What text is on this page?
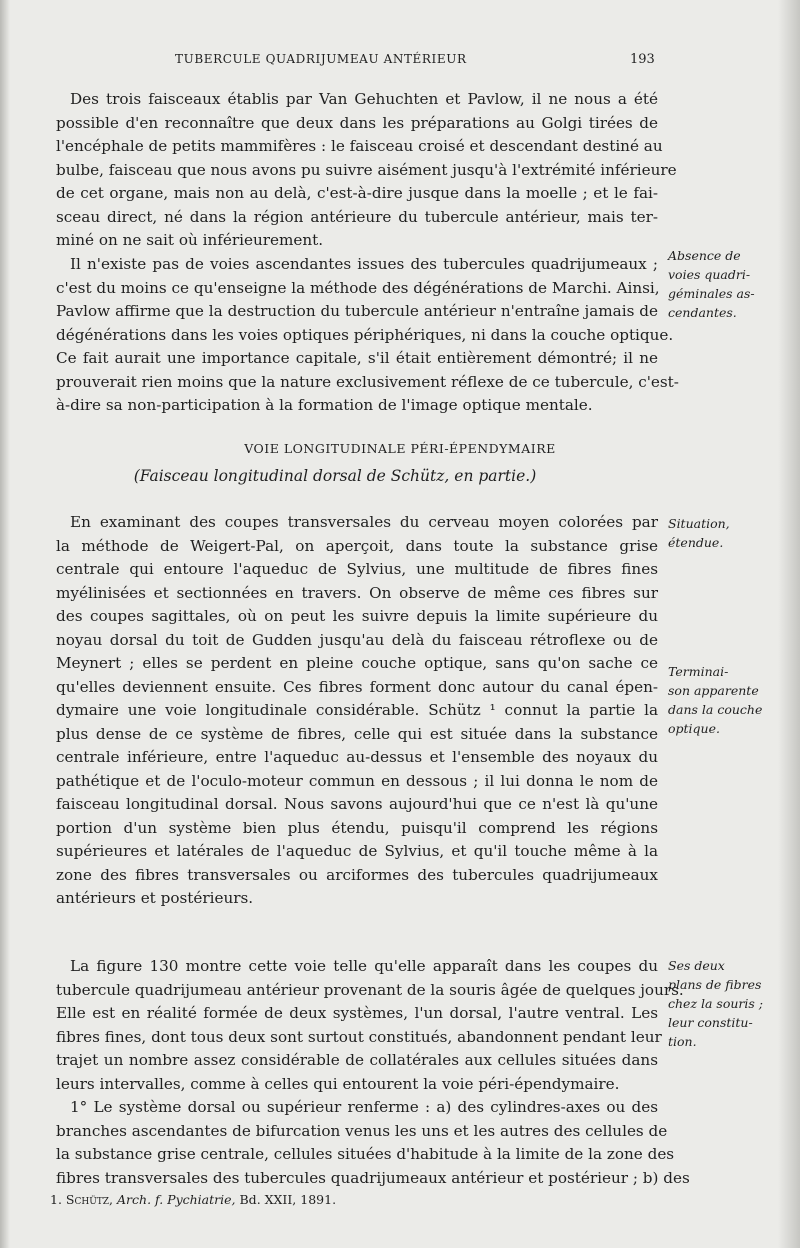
TUBERCULE QUADRIJUMEAU ANTÉRIEUR	193
Des trois faisceaux établis par Van Gehuchten et Pavlow, il ne nous a été
possible d'en reconnaître que deux dans les préparations au Golgi tirées de
l'encéphale de petits mammifères : le faisceau croisé et descendant destiné au
bulbe, faisceau que nous avons pu suivre aisément jusqu'à l'extrémité inférieure
de cet organe, mais non au delà, c'est-à-dire jusque dans la moelle ; et le fai-
sceau direct, né dans la région antérieure du tubercule antérieur, mais ter-
miné on ne sait où inférieurement.
Il n'existe pas de voies ascendantes issues des tubercules quadrijumeaux ;
c'est du moins ce qu'enseigne la méthode des dégénérations de Marchi. Ainsi,
Pavlow affirme que la destruction du tubercule antérieur n'entraîne jamais de
dégénérations dans les voies optiques périphériques, ni dans la couche optique.
Ce fait aurait une importance capitale, s'il était entièrement démontré; il ne
prouverait rien moins que la nature exclusivement réflexe de ce tubercule, c'est-
à-dire sa non-participation à la formation de l'image optique mentale.
VOIE LONGITUDINALE PÉRI-ÉPENDYMAIRE
(Faisceau longitudinal dorsal de Schütz, en partie.)
En examinant des coupes transversales du cerveau moyen colorées par
la méthode de Weigert-Pal, on aperçoit, dans toute la substance grise
centrale qui entoure l'aqueduc de Sylvius, une multitude de fibres fines
myélinisées et sectionnées en travers. On observe de même ces fibres sur
des coupes sagittales, où on peut les suivre depuis la limite supérieure du
noyau dorsal du toit de Gudden jusqu'au delà du faisceau rétroflexe ou de
Meynert ; elles se perdent en pleine couche optique, sans qu'on sache ce
qu'elles deviennent ensuite. Ces fibres forment donc autour du canal épen-
dymaire une voie longitudinale considérable. Schütz ¹ connut la partie la
plus dense de ce système de fibres, celle qui est située dans la substance
centrale inférieure, entre l'aqueduc au-dessus et l'ensemble des noyaux du
pathétique et de l'oculo-moteur commun en dessous ; il lui donna le nom de
faisceau longitudinal dorsal. Nous savons aujourd'hui que ce n'est là qu'une
portion d'un système bien plus étendu, puisqu'il comprend les régions
supérieures et latérales de l'aqueduc de Sylvius, et qu'il touche même à la
zone des fibres transversales ou arciformes des tubercules quadrijumeaux
antérieurs et postérieurs.
La figure 130 montre cette voie telle qu'elle apparaît dans les coupes du
tubercule quadrijumeau antérieur provenant de la souris âgée de quelques jours.
Elle est en réalité formée de deux systèmes, l'un dorsal, l'autre ventral. Les
fibres fines, dont tous deux sont surtout constitués, abandonnent pendant leur
trajet un nombre assez considérable de collatérales aux cellules situées dans
leurs intervalles, comme à celles qui entourent la voie péri-épendymaire.
1° Le système dorsal ou supérieur renferme : a) des cylindres-axes ou des
branches ascendantes de bifurcation venus les uns et les autres des cellules de
la substance grise centrale, cellules situées d'habitude à la limite de la zone des
fibres transversales des tubercules quadrijumeaux antérieur et postérieur ; b) des
Absence de
voies quadri-
géminales as-
cendantes.
Situation,
étendue.
Terminai-
son apparente
dans la couche
optique.
Ses deux
plans de fibres
chez la souris ;
leur constitu-
tion.
1. Schütz, Arch. f. Pychiatrie, Bd. XXII, 1891.
